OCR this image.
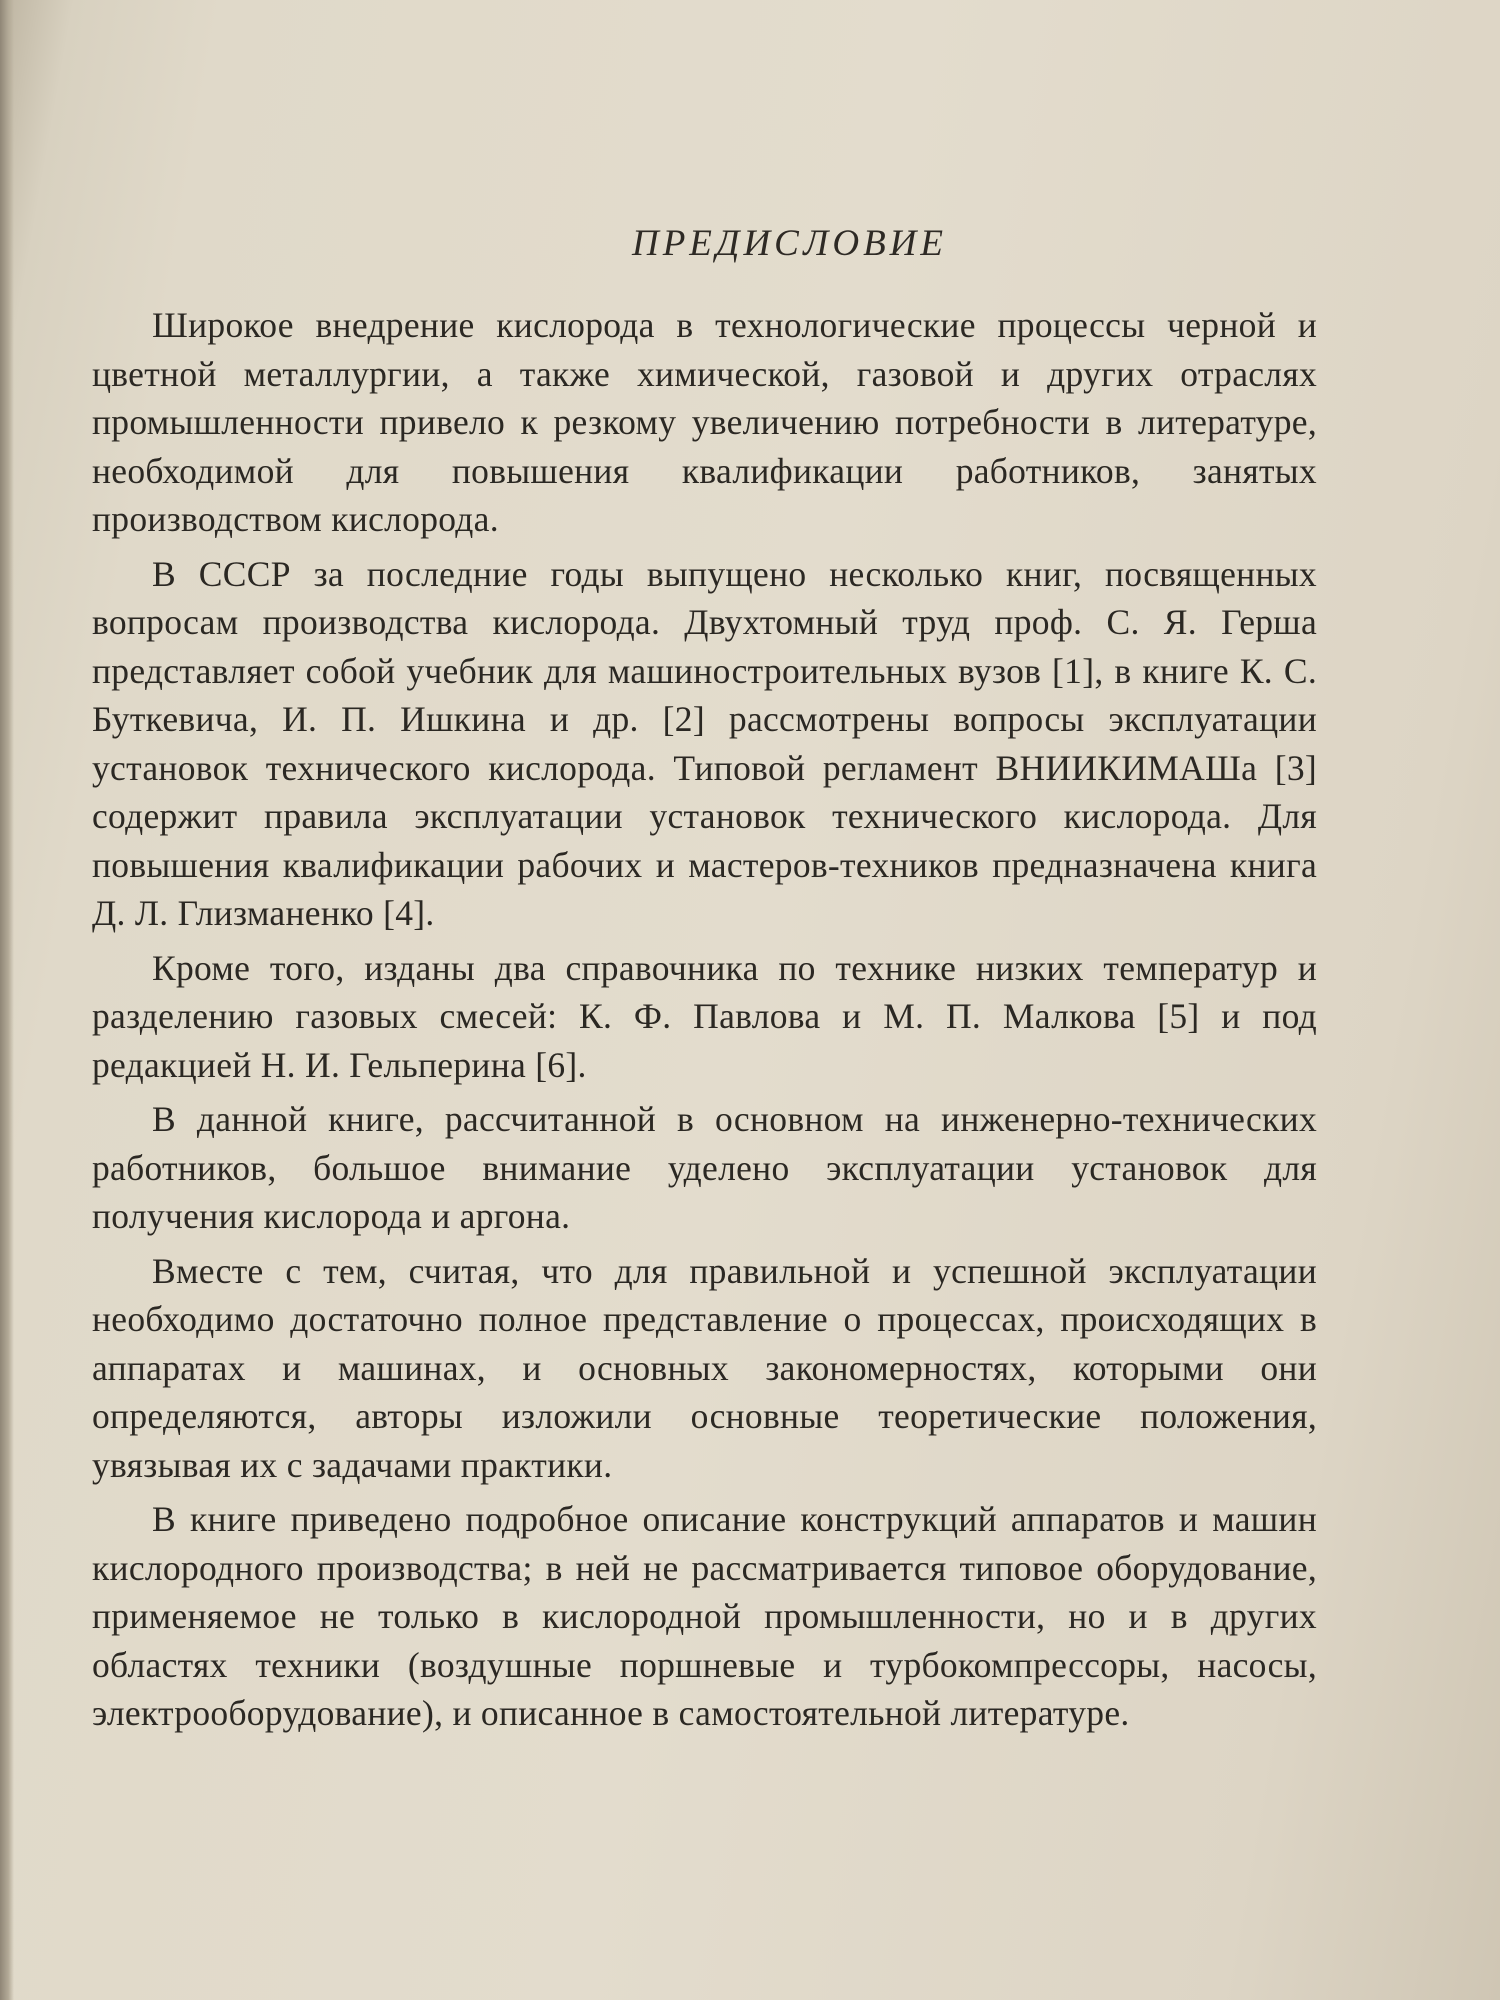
ПРЕДИСЛОВИЕ

Широкое внедрение кислорода в технологические процессы черной и цветной металлургии, а также химической, газовой и других отраслях промышленности привело к резкому увеличению потребности в литературе, необходимой для повышения квалификации работников, занятых производством кислорода.

В СССР за последние годы выпущено несколько книг, посвященных вопросам производства кислорода. Двухтомный труд проф. С. Я. Герша представляет собой учебник для машиностроительных вузов [1], в книге К. С. Буткевича, И. П. Ишкина и др. [2] рассмотрены вопросы эксплуатации установок технического кислорода. Типовой регламент ВНИИКИМАШа [3] содержит правила эксплуатации установок технического кислорода. Для повышения квалификации рабочих и мастеров-техников предназначена книга Д. Л. Глизманенко [4].

Кроме того, изданы два справочника по технике низких температур и разделению газовых смесей: К. Ф. Павлова и М. П. Малкова [5] и под редакцией Н. И. Гельперина [6].

В данной книге, рассчитанной в основном на инженерно-технических работников, большое внимание уделено эксплуатации установок для получения кислорода и аргона.

Вместе с тем, считая, что для правильной и успешной эксплуатации необходимо достаточно полное представление о процессах, происходящих в аппаратах и машинах, и основных закономерностях, которыми они определяются, авторы изложили основные теоретические положения, увязывая их с задачами практики.

В книге приведено подробное описание конструкций аппаратов и машин кислородного производства; в ней не рассматривается типовое оборудование, применяемое не только в кислородной промышленности, но и в других областях техники (воздушные поршневые и турбокомпрессоры, насосы, электрооборудование), и описанное в самостоятельной литературе.
